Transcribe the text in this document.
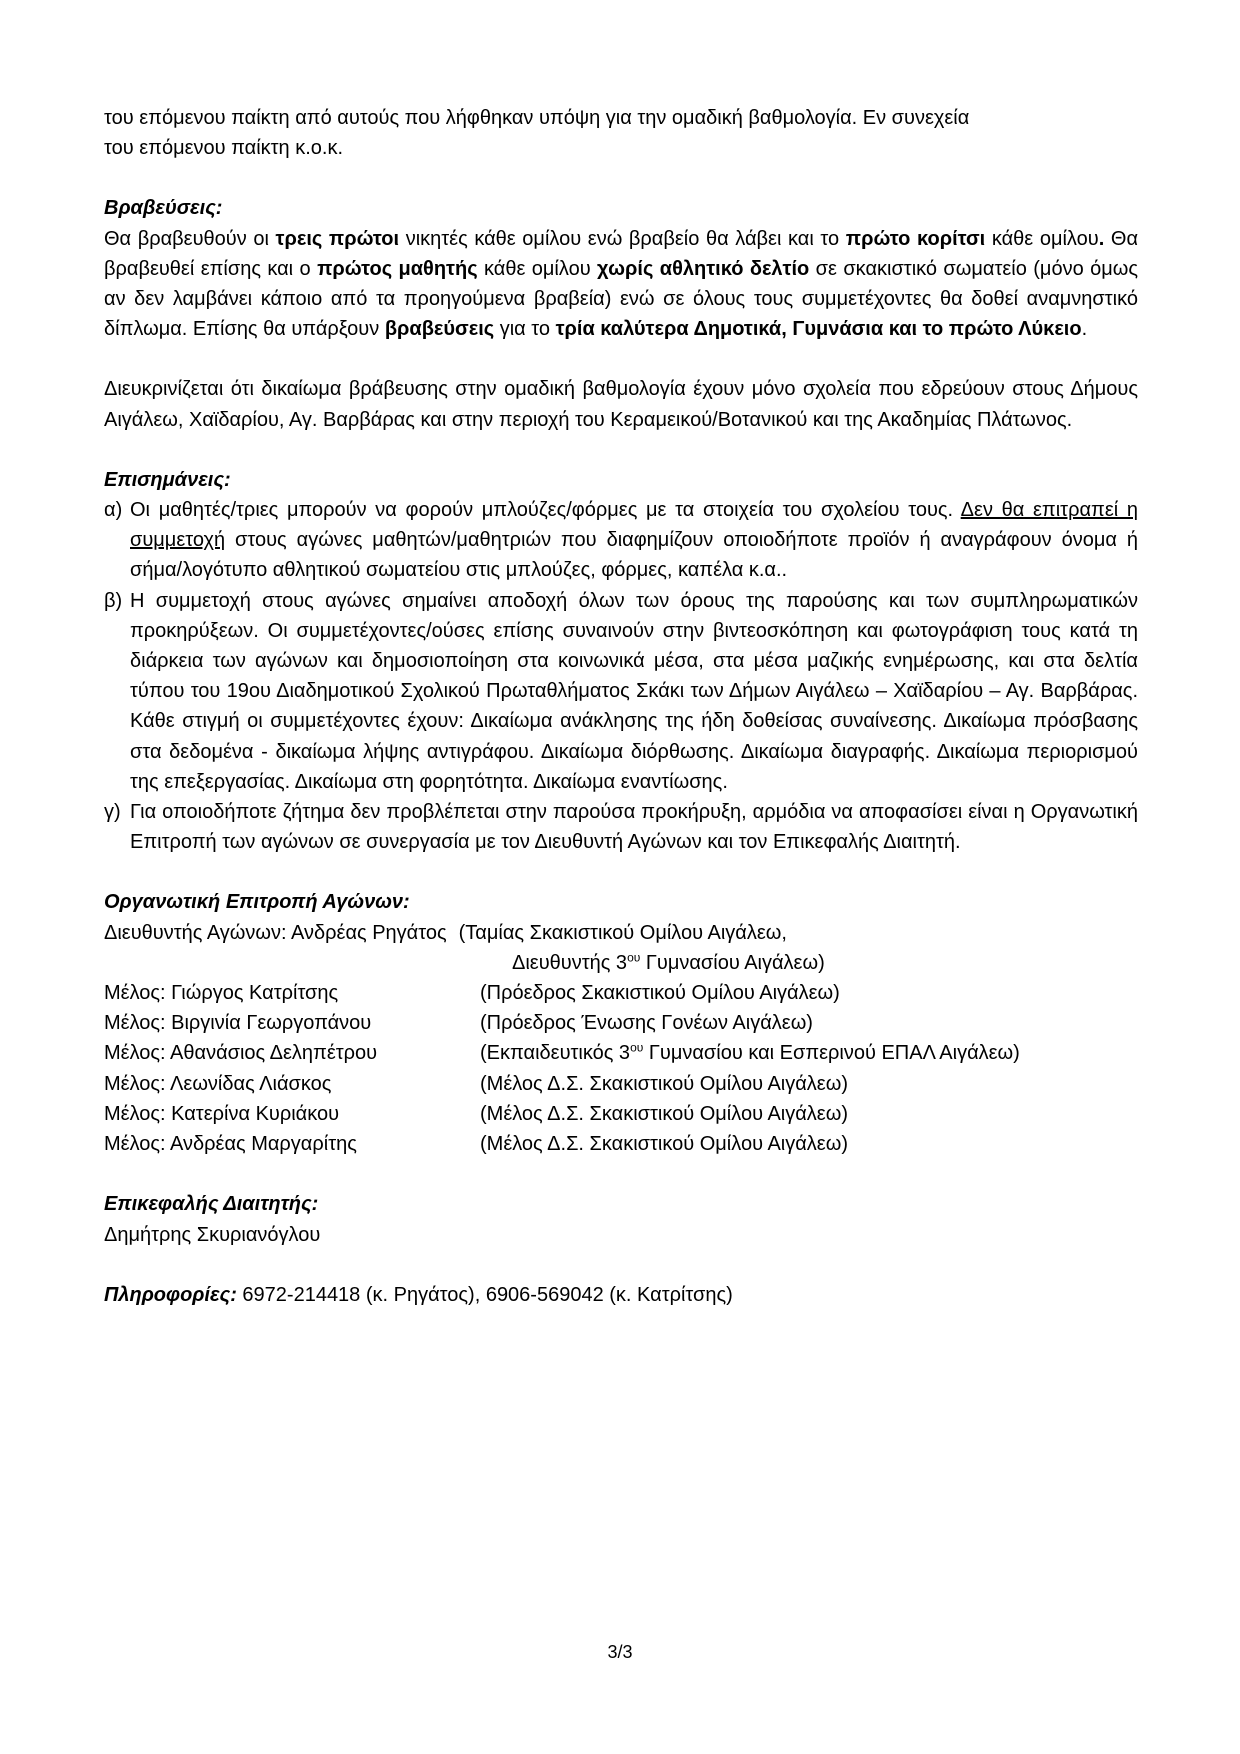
του επόμενου παίκτη από αυτούς που λήφθηκαν υπόψη για την ομαδική βαθμολογία. Εν συνεχεία

του επόμενου παίκτη κ.ο.κ.

Βραβεύσεις:

Θα βραβευθούν οι τρεις πρώτοι νικητές κάθε ομίλου ενώ βραβείο θα λάβει και το πρώτο κορίτσι κάθε ομίλου. Θα βραβευθεί επίσης και ο πρώτος μαθητής κάθε ομίλου χωρίς αθλητικό δελτίο σε σκακιστικό σωματείο (μόνο όμως αν δεν λαμβάνει κάποιο από τα προηγούμενα βραβεία) ενώ σε όλους τους συμμετέχοντες θα δοθεί αναμνηστικό δίπλωμα. Επίσης θα υπάρξουν βραβεύσεις για το τρία καλύτερα Δημοτικά, Γυμνάσια και το πρώτο Λύκειο.

Διευκρινίζεται ότι δικαίωμα βράβευσης στην ομαδική βαθμολογία έχουν μόνο σχολεία που εδρεύουν στους Δήμους Αιγάλεω, Χαϊδαρίου, Αγ. Βαρβάρας και στην περιοχή του Κεραμεικού/Βοτανικού και της Ακαδημίας Πλάτωνος.

Επισημάνεις:

α) Οι μαθητές/τριες μπορούν να φορούν μπλούζες/φόρμες με τα στοιχεία του σχολείου τους. Δεν θα επιτραπεί η συμμετοχή στους αγώνες μαθητών/μαθητριών που διαφημίζουν οποιοδήποτε προϊόν ή αναγράφουν όνομα ή σήμα/λογότυπο αθλητικού σωματείου στις μπλούζες, φόρμες, καπέλα κ.α..
β) Η συμμετοχή στους αγώνες σημαίνει αποδοχή όλων των όρους της παρούσης και των συμπληρωματικών προκηρύξεων. Οι συμμετέχοντες/ούσες επίσης συναινούν στην βιντεοσκόπηση και φωτογράφιση τους κατά τη διάρκεια των αγώνων και δημοσιοποίηση στα κοινωνικά μέσα, στα μέσα μαζικής ενημέρωσης, και στα δελτία τύπου του 19ου Διαδημοτικού Σχολικού Πρωταθλήματος Σκάκι των Δήμων Αιγάλεω – Χαϊδαρίου – Αγ. Βαρβάρας. Κάθε στιγμή οι συμμετέχοντες έχουν: Δικαίωμα ανάκλησης της ήδη δοθείσας συναίνεσης. Δικαίωμα πρόσβασης στα δεδομένα - δικαίωμα λήψης αντιγράφου. Δικαίωμα διόρθωσης. Δικαίωμα διαγραφής. Δικαίωμα περιορισμού της επεξεργασίας. Δικαίωμα στη φορητότητα. Δικαίωμα εναντίωσης.
γ) Για οποιοδήποτε ζήτημα δεν προβλέπεται στην παρούσα προκήρυξη, αρμόδια να αποφασίσει είναι η Οργανωτική Επιτροπή των αγώνων σε συνεργασία με τον Διευθυντή Αγώνων και τον Επικεφαλής Διαιτητή.

Οργανωτική Επιτροπή Αγώνων:

Διευθυντής Αγώνων: Ανδρέας Ρηγάτος (Ταμίας Σκακιστικού Ομίλου Αιγάλεω,
Διευθυντής $3^{o\upsilon}$ Γυμνασίου Αιγάλεω)
Μέλος: Γιώργος Κατρίτσης	(Πρόεδρος Σκακιστικού Ομίλου Αιγάλεω)
Μέλος: Βιργινία Γεωργοπάνου	(Πρόεδρος Ένωσης Γονέων Αιγάλεω)
Μέλος: Αθανάσιος Δεληπέτρου	(Εκπαιδευτικός $3^{o\upsilon}$ Γυμνασίου και Εσπερινού ΕΠΑΛ Αιγάλεω)
Μέλος: Λεωνίδας Λιάσκος	(Μέλος Δ.Σ. Σκακιστικού Ομίλου Αιγάλεω)
Μέλος: Κατερίνα Κυριάκου	(Μέλος Δ.Σ. Σκακιστικού Ομίλου Αιγάλεω)
Μέλος: Ανδρέας Μαργαρίτης	(Μέλος Δ.Σ. Σκακιστικού Ομίλου Αιγάλεω)

Επικεφαλής Διαιτητής:

Δημήτρης Σκυριανόγλου

Πληροφορίες: 6972-214418 (κ. Ρηγάτος), 6906-569042 (κ. Κατρίτσης)

3/3
